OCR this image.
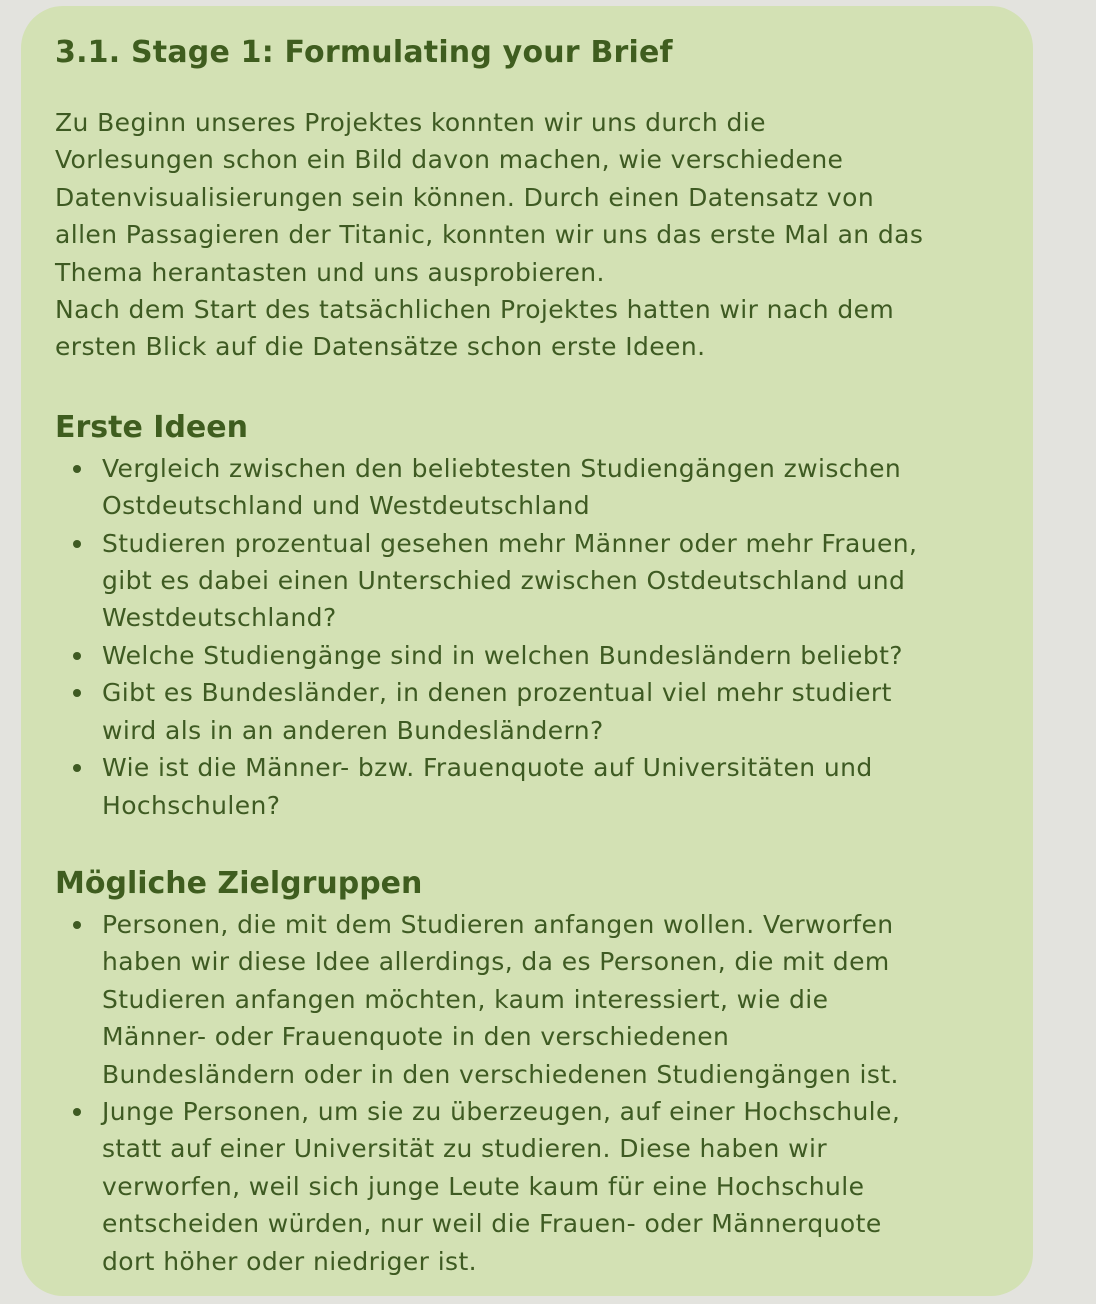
3.1. Stage 1: Formulating your Brief

Zu Beginn unseres Projektes konnten wir uns durch die
Vorlesungen schon ein Bild davon machen, wie verschiedene
Datenvisualisierungen sein können. Durch einen Datensatz von
allen Passagieren der Titanic, konnten wir uns das erste Mal an das
Thema herantasten und uns ausprobieren.
Nach dem Start des tatsächlichen Projektes hatten wir nach dem
ersten Blick auf die Datensätze schon erste Ideen.

Erste Ideen
Vergleich zwischen den beliebtesten Studiengängen zwischen
Ostdeutschland und Westdeutschland
Studieren prozentual gesehen mehr Männer oder mehr Frauen,
gibt es dabei einen Unterschied zwischen Ostdeutschland und
Westdeutschland?
Welche Studiengänge sind in welchen Bundesländern beliebt?
Gibt es Bundesländer, in denen prozentual viel mehr studiert
wird als in an anderen Bundesländern?
Wie ist die Männer- bzw. Frauenquote auf Universitäten und
Hochschulen?
Mögliche Zielgruppen
Personen, die mit dem Studieren anfangen wollen. Verworfen
haben wir diese Idee allerdings, da es Personen, die mit dem
Studieren anfangen möchten, kaum interessiert, wie die
Männer- oder Frauenquote in den verschiedenen
Bundesländern oder in den verschiedenen Studiengängen ist.
Junge Personen, um sie zu überzeugen, auf einer Hochschule,
statt auf einer Universität zu studieren. Diese haben wir
verworfen, weil sich junge Leute kaum für eine Hochschule
entscheiden würden, nur weil die Frauen- oder Männerquote
dort höher oder niedriger ist.
